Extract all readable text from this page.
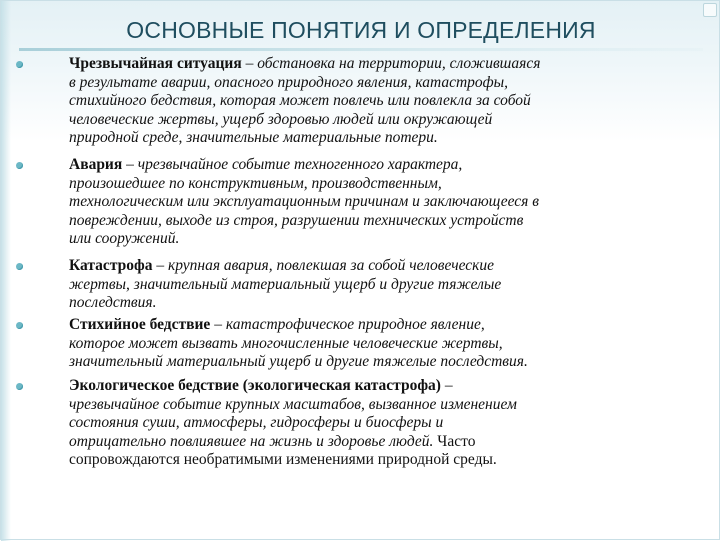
ОСНОВНЫЕ ПОНЯТИЯ И ОПРЕДЕЛЕНИЯ
Чрезвычайная ситуация – обстановка на территории, сложившаяся
в результате аварии, опасного природного явления, катастрофы,
стихийного бедствия, которая может повлечь или повлекла за собой
человеческие жертвы, ущерб здоровью людей или окружающей
природной среде, значительные материальные потери.
Авария – чрезвычайное событие техногенного характера,
произошедшее по конструктивным, производственным,
технологическим или эксплуатационным причинам и заключающееся в
повреждении, выходе из строя, разрушении технических устройств
или сооружений.
Катастрофа – крупная авария, повлекшая за собой человеческие
жертвы, значительный материальный ущерб и другие тяжелые
последствия.
Стихийное бедствие – катастрофическое природное явление,
которое может вызвать многочисленные человеческие жертвы,
значительный материальный ущерб и другие тяжелые последствия.
Экологическое бедствие (экологическая катастрофа) –
чрезвычайное событие крупных масштабов, вызванное изменением
состояния суши, атмосферы, гидросферы и биосферы и
отрицательно повлиявшее на жизнь и здоровье людей. Часто
сопровождаются необратимыми изменениями природной среды.
